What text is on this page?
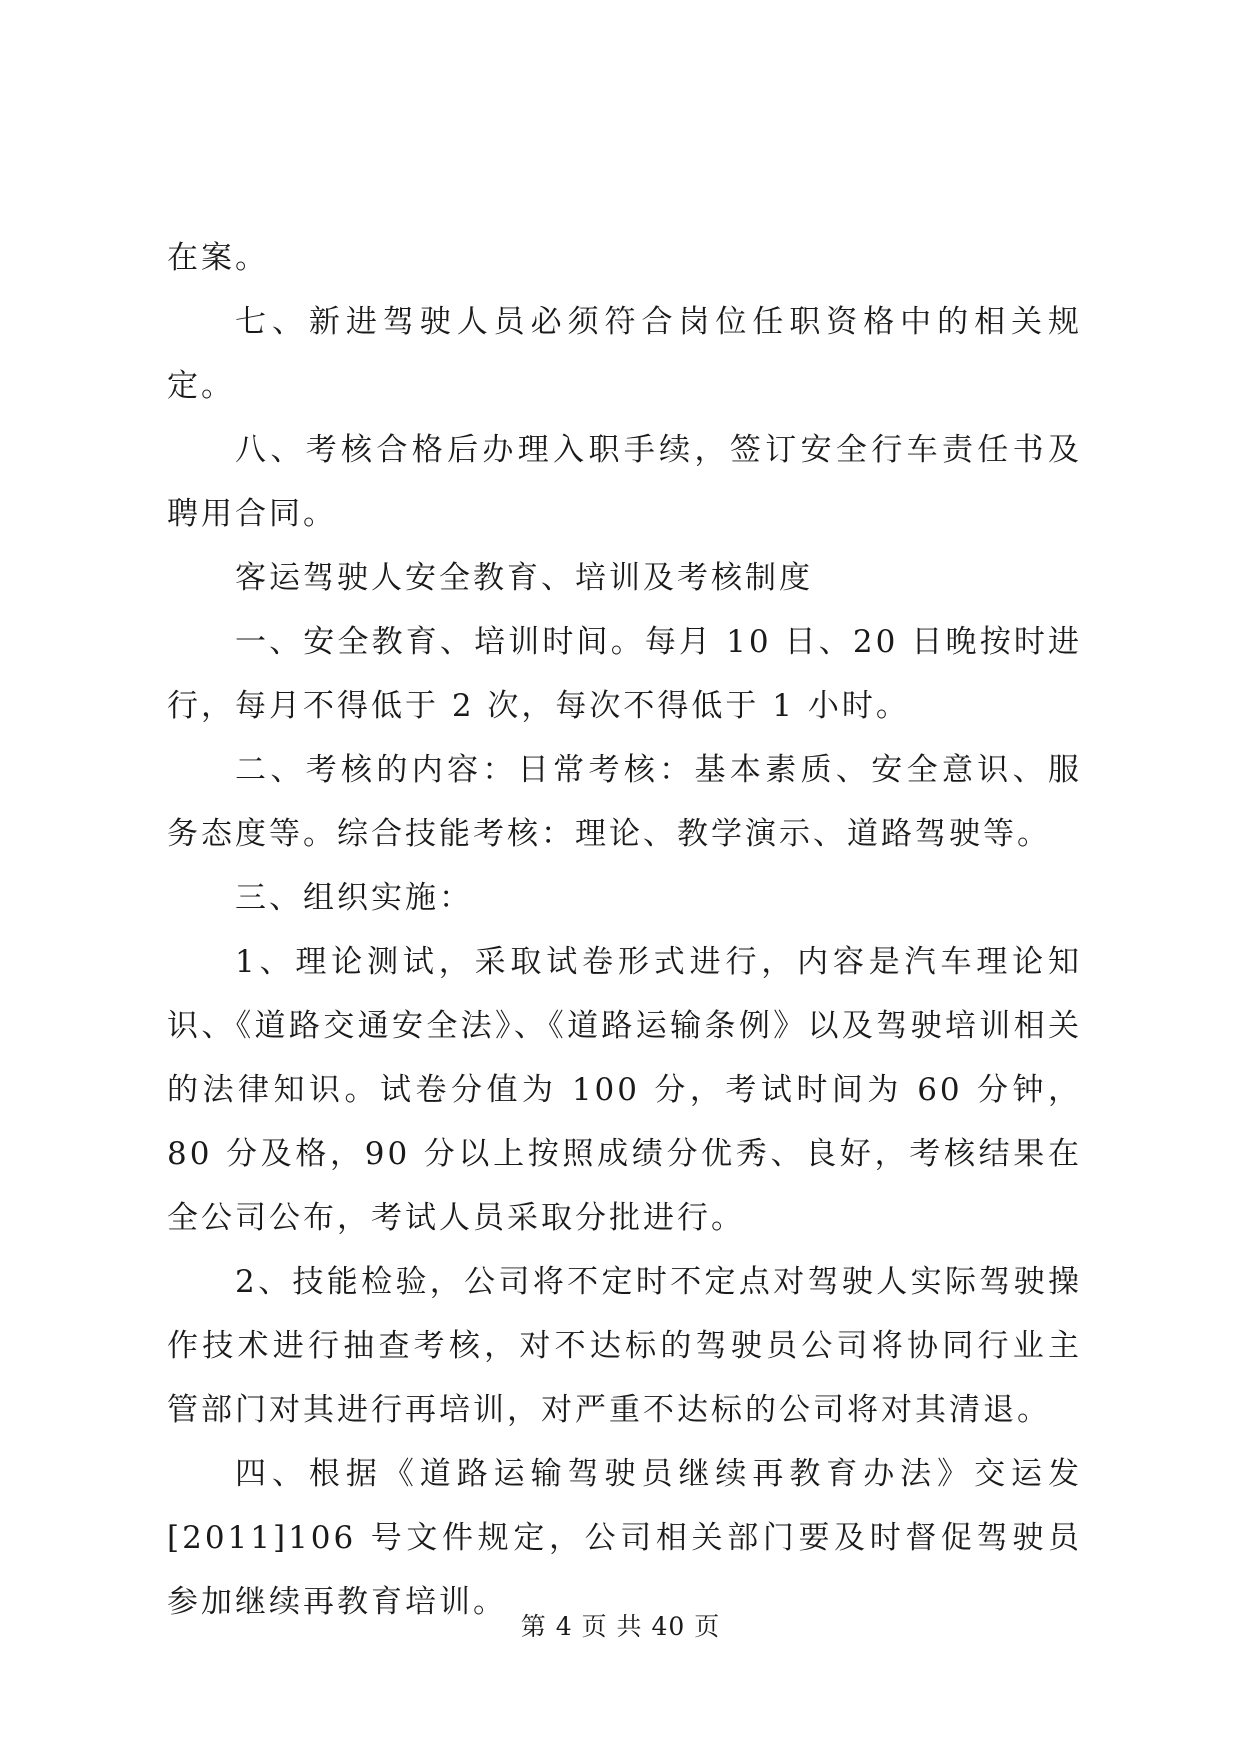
在案。

七、新进驾驶人员必须符合岗位任职资格中的相关规定。

八、考核合格后办理入职手续，签订安全行车责任书及聘用合同。

客运驾驶人安全教育、培训及考核制度

一、安全教育、培训时间。每月 10 日、20 日晚按时进行，每月不得低于 2 次，每次不得低于 1 小时。

二、考核的内容：日常考核：基本素质、安全意识、服务态度等。综合技能考核：理论、教学演示、道路驾驶等。

三、组织实施：

1、理论测试，采取试卷形式进行，内容是汽车理论知识、《道路交通安全法》、《道路运输条例》以及驾驶培训相关的法律知识。试卷分值为 100 分，考试时间为 60 分钟，80 分及格，90 分以上按照成绩分优秀、良好，考核结果在全公司公布，考试人员采取分批进行。

2、技能检验，公司将不定时不定点对驾驶人实际驾驶操作技术进行抽查考核，对不达标的驾驶员公司将协同行业主管部门对其进行再培训，对严重不达标的公司将对其清退。

四、根据《道路运输驾驶员继续再教育办法》交运发[2011]106 号文件规定，公司相关部门要及时督促驾驶员参加继续再教育培训。

第 4 页 共 40 页
